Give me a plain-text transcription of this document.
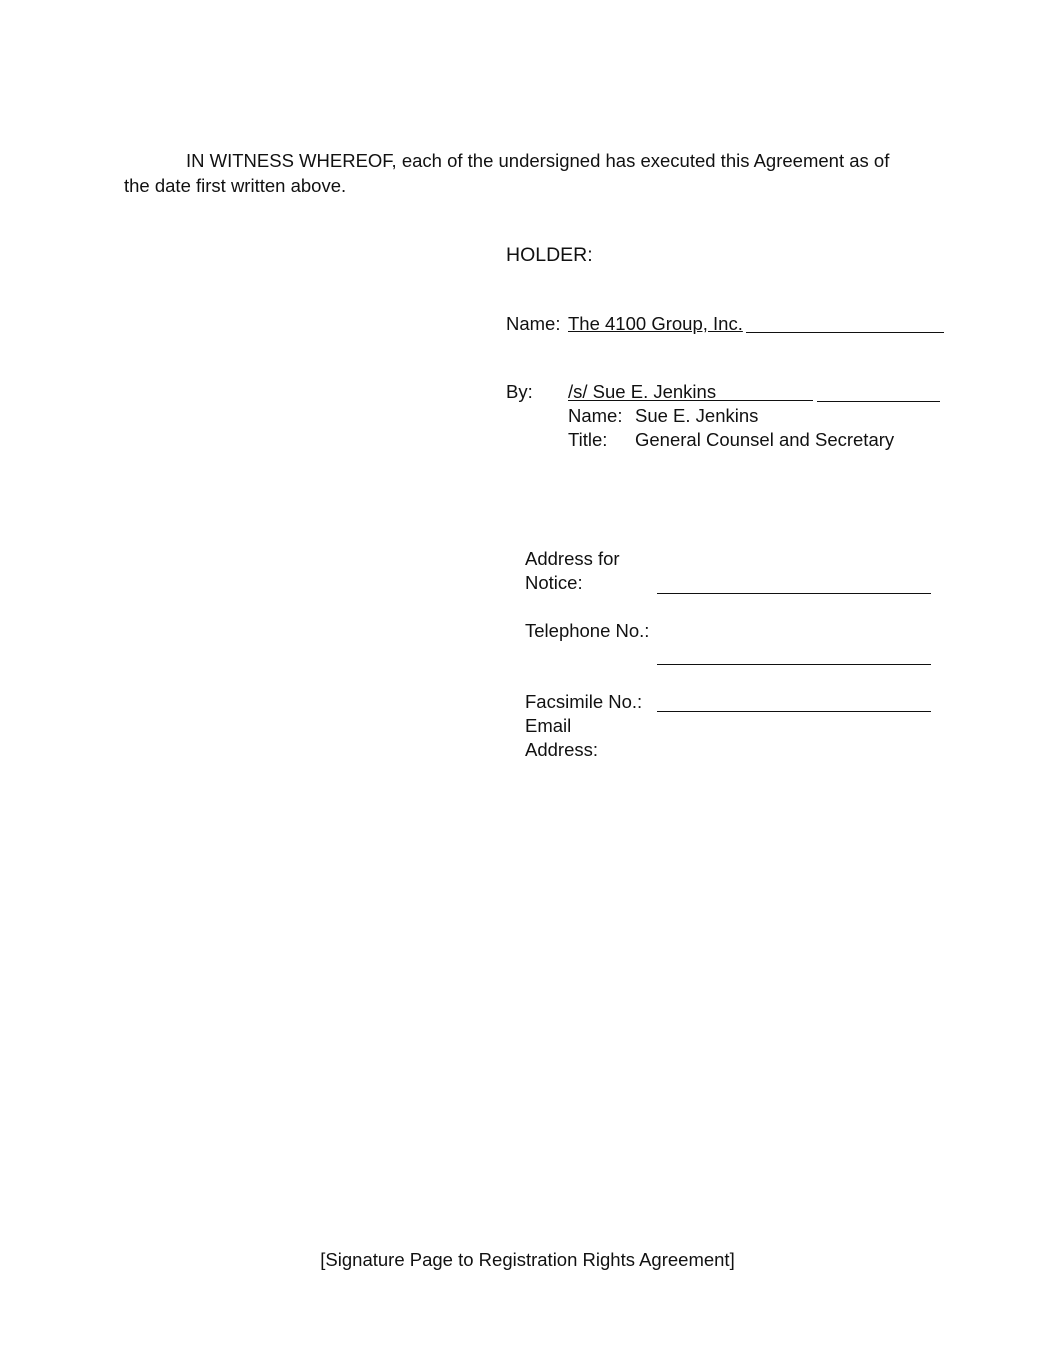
IN WITNESS WHEREOF, each of the undersigned has executed this Agreement as of
the date first written above.
HOLDER:
Name: The 4100 Group, Inc.
By: /s/ Sue E. Jenkins
Name: Sue E. Jenkins
Title: General Counsel and Secretary
Address for Notice:
Telephone No.:
Facsimile No.:
Email Address:
[Signature Page to Registration Rights Agreement]
